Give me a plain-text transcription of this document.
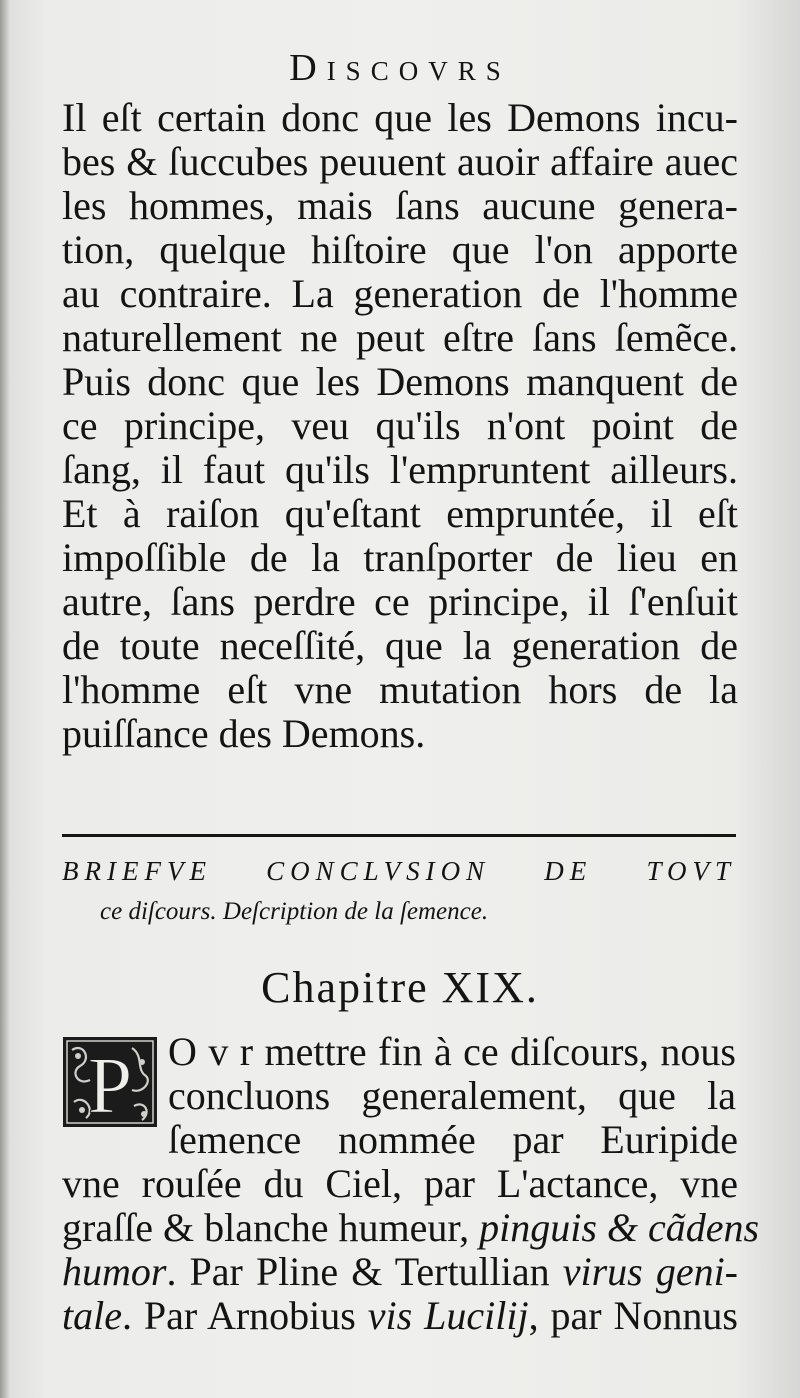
Discovrs
Il eſt certain donc que les Demons incu-
bes & ſuccubes peuuent auoir affaire auec
les hommes, mais ſans aucune genera-
tion, quelque hiſtoire que l'on apporte
au contraire. La generation de l'homme
naturellement ne peut eſtre ſans ſemẽce.
Puis donc que les Demons manquent de
ce principe, veu qu'ils n'ont point de
ſang, il faut qu'ils l'empruntent ailleurs.
Et à raiſon qu'eſtant empruntée, il eſt
impoſſible de la tranſporter de lieu en
autre, ſans perdre ce principe, il ſ'enſuit
de toute neceſſité, que la generation de
l'homme eſt vne mutation hors de la
puiſſance des Demons.
BRIEFVE CONCLVSION DE TOVT
ce diſcours. Deſcription de la ſemence.
Chapitre XIX.
P O v r mettre fin à ce diſcours, nous
concluons generalement, que la
ſemence nommée par Euripide
vne rouſée du Ciel, par L'actance, vne
graſſe & blanche humeur, pinguis & cãdens
humor. Par Pline & Tertullian virus geni-
tale. Par Arnobius vis Lucilij, par Nonnus
